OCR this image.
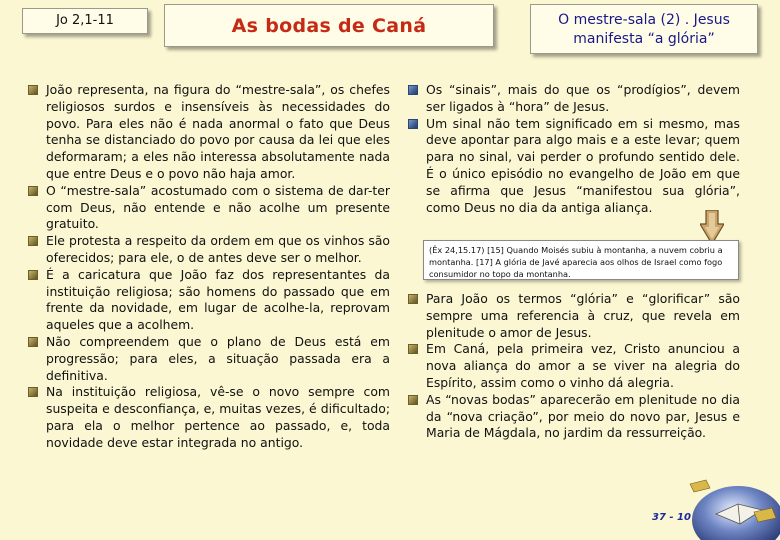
Jo 2,1-11	As bodas de Caná	O mestre-sala (2) . Jesus
manifesta “a glória”
João representa, na figura do “mestre-sala”, os chefes religiosos surdos e insensíveis às necessidades do povo. Para eles não é nada anormal o fato que Deus tenha se distanciado do povo por causa da lei que eles deformaram; a eles não interessa absolutamente nada que entre Deus e o povo não haja amor.
O “mestre-sala” acostumado com o sistema de dar-ter com Deus, não entende e não acolhe um presente gratuito.
Ele protesta a respeito da ordem em que os vinhos são oferecidos; para ele, o de antes deve ser o melhor.
É a caricatura que João faz dos representantes da instituição religiosa; são homens do passado que em frente da novidade, em lugar de acolhe-la, reprovam aqueles que a acolhem.
Não compreendem que o plano de Deus está em progressão; para eles, a situação passada era a definitiva.
Na instituição religiosa, vê-se o novo sempre com suspeita e desconfiança, e, muitas vezes, é dificultado; para ela o melhor pertence ao passado, e, toda novidade deve estar integrada no antigo.
Os “sinais”, mais do que os “prodígios”, devem ser ligados à “hora” de Jesus.
Um sinal não tem significado em si mesmo, mas deve apontar para algo mais e a este levar; quem para no sinal, vai perder o profundo sentido dele. É o único episódio no evangelho de João em que se afirma que Jesus “manifestou sua glória”, como Deus no dia da antiga aliança.
(Êx 24,15.17) [15] Quando Moisés subiu à montanha, a nuvem cobriu a montanha. [17] A glória de Javé aparecia aos olhos de Israel como fogo consumidor no topo da montanha.
Para João os termos “glória” e “glorificar” são sempre uma referencia à cruz, que revela em plenitude o amor de Jesus.
Em Caná, pela primeira vez, Cristo anunciou a nova aliança do amor a se viver na alegria do Espírito, assim como o vinho dá alegria.
As “novas bodas” aparecerão em plenitude no dia da “nova criação”, por meio do novo par, Jesus e Maria de Mágdala, no jardim da ressurreição.
37 - 10
